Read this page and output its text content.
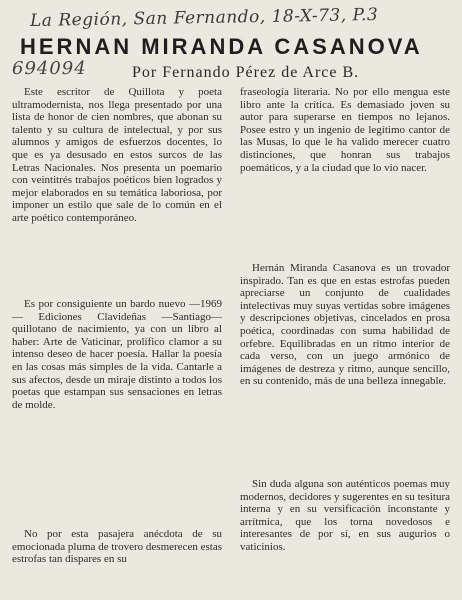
La Región, San Fernando, 18-X-73, P.3
694094
HERNAN MIRANDA CASANOVA
Por Fernando Pérez de Arce B.

Este escritor de Quillota y poeta ultramodernista, nos llega presentado por una lista de honor de cien nombres, que abonan su talento y su cultura de intelectual, y por sus alumnos y amigos de esfuerzos docentes, lo que es ya desusado en estos surcos de las Letras Nacionales. Nos presenta un poemario con veintitrés trabajos poéticos bien logrados y mejor elaborados en su temática laboriosa, por imponer un estilo que sale de lo común en el arte poético contemporáneo.

Es por consiguiente un bardo nuevo —1969— Ediciones Clavideñas —Santiago— quillotano de nacimiento, ya con un libro al haber: Arte de Vaticinar, prolífico clamor a su intenso deseo de hacer poesía. Hallar la poesía en las cosas más simples de la vida. Cantarle a sus afectos, desde un miraje distinto a todos los poetas que estampan sus sensaciones en letras de molde.

No por esta pasajera anécdota de su emocionada pluma de trovero desmerecen estas estrofas tan dispares en su

fraseología literaria. No por ello mengua este libro ante la crítica. Es demasiado joven su autor para superarse en tiempos no lejanos. Posee estro y un ingenio de legítimo cantor de las Musas, lo que le ha valido merecer cuatro distinciones, que honran sus trabajos poemáticos, y a la ciudad que lo vio nacer.

Hernán Miranda Casanova es un trovador inspirado. Tan es que en estas estrofas pueden apreciarse un conjunto de cualidades intelectivas muy suyas vertidas sobre imágenes y descripciones objetivas, cincelados en prosa poética, coordinadas con suma habilidad de orfebre. Equilibradas en un ritmo interior de cada verso, con un juego armónico de imágenes de destreza y ritmo, aunque sencillo, en su contenido, más de una belleza innegable.

Sin duda alguna son auténticos poemas muy modernos, decidores y sugerentes en su tesitura interna y en su versificación inconstante y arrítmica, que los torna novedosos e interesantes de por sí, en sus augurios o vaticinios.
